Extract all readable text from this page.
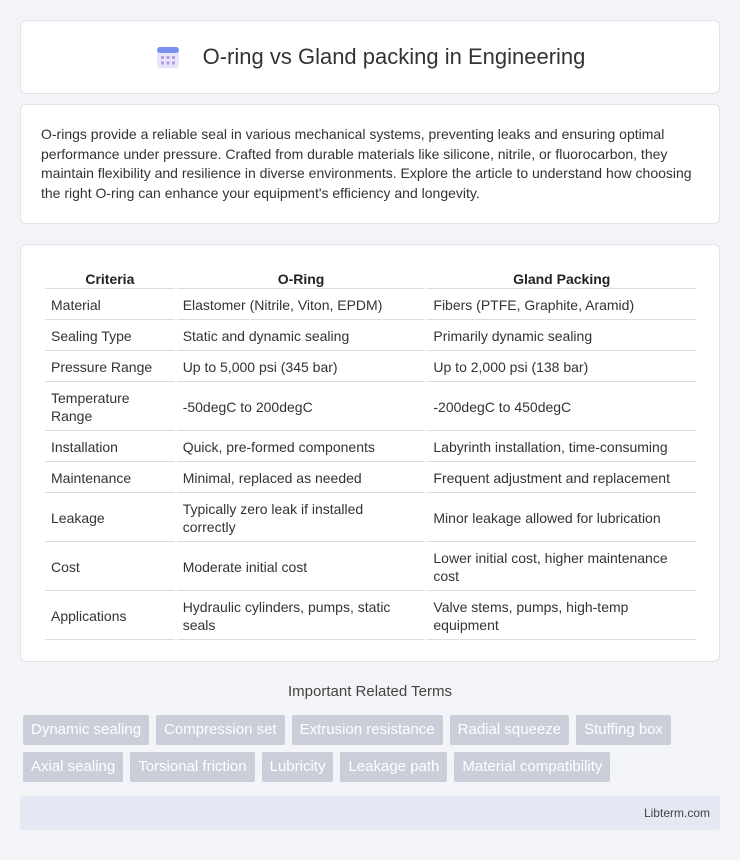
O-ring vs Gland packing in Engineering

O-rings provide a reliable seal in various mechanical systems, preventing leaks and ensuring optimal performance under pressure. Crafted from durable materials like silicone, nitrile, or fluorocarbon, they maintain flexibility and resilience in diverse environments. Explore the article to understand how choosing the right O-ring can enhance your equipment's efficiency and longevity.

Criteria	O-Ring	Gland Packing
Material	Elastomer (Nitrile, Viton, EPDM)	Fibers (PTFE, Graphite, Aramid)
Sealing Type	Static and dynamic sealing	Primarily dynamic sealing
Pressure Range	Up to 5,000 psi (345 bar)	Up to 2,000 psi (138 bar)
Temperature Range	-50degC to 200degC	-200degC to 450degC
Installation	Quick, pre-formed components	Labyrinth installation, time-consuming
Maintenance	Minimal, replaced as needed	Frequent adjustment and replacement
Leakage	Typically zero leak if installed correctly	Minor leakage allowed for lubrication
Cost	Moderate initial cost	Lower initial cost, higher maintenance cost
Applications	Hydraulic cylinders, pumps, static seals	Valve stems, pumps, high-temp equipment
Important Related Terms
Dynamic sealing	Compression set	Extrusion resistance	Radial squeeze	Stuffing box
Axial sealing	Torsional friction	Lubricity	Leakage path	Material compatibility
Libterm.com
